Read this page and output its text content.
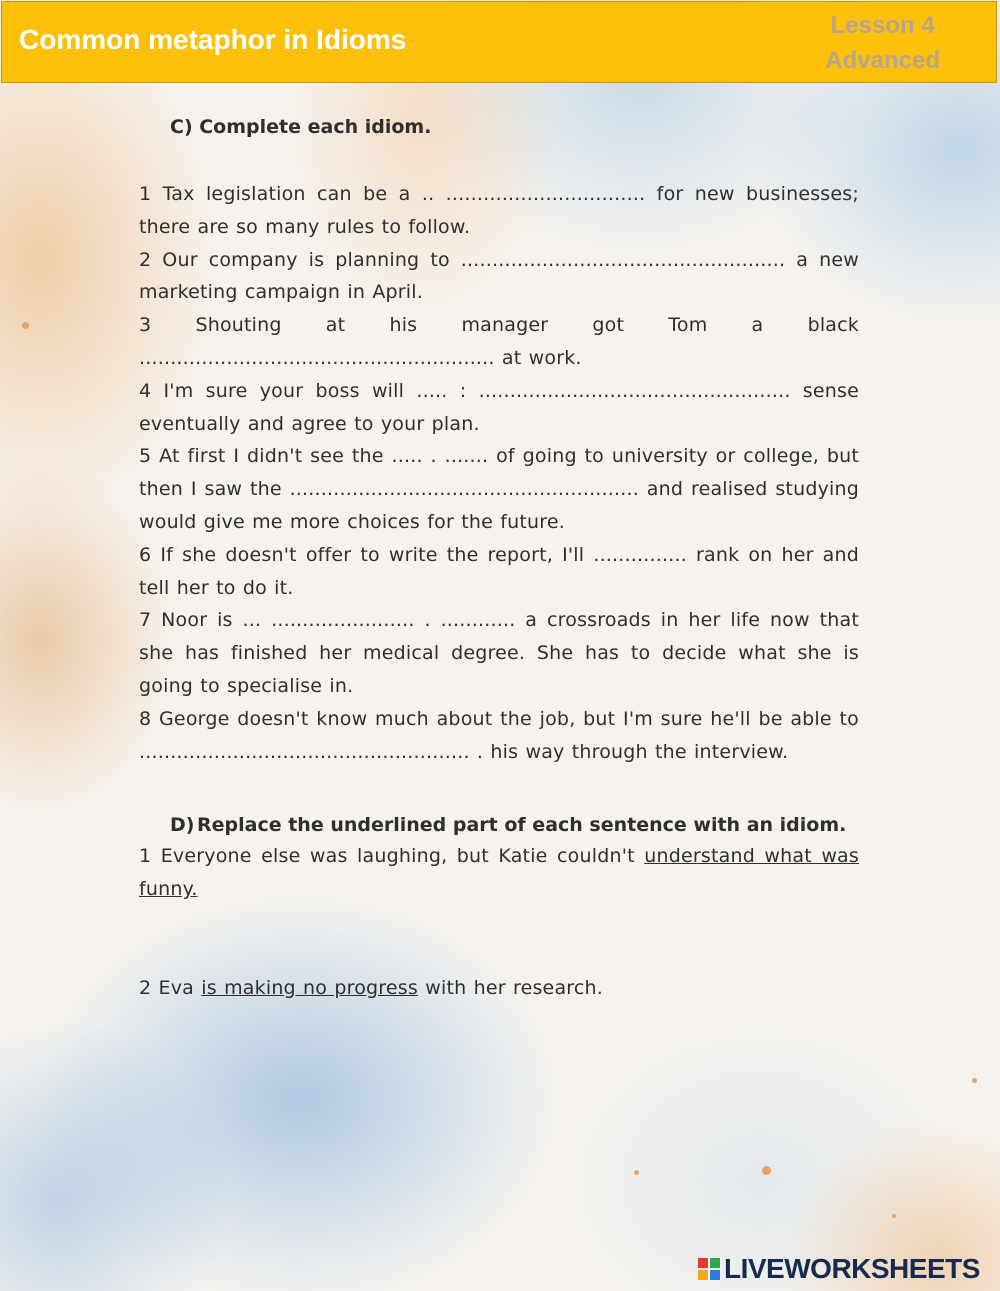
Common metaphor in Idioms	Lesson 4
Advanced
C) Complete each idiom.

1 Tax legislation can be a .. ................................ for new businesses; there are so many rules to follow.

2 Our company is planning to .................................................... a new marketing campaign in April.

3 Shouting at his manager got Tom a black ......................................................... at work.

4 I'm sure your boss will ..... : .................................................. sense eventually and agree to your plan.

5 At first I didn't see the ..... . ....... of going to university or college, but then I saw the ........................................................ and realised studying would give me more choices for the future.

6 If she doesn't offer to write the report, I'll ............... rank on her and tell her to do it.

7 Noor is ... ....................... . ............ a crossroads in her life now that she has finished her medical degree. She has to decide what she is going to specialise in.

8 George doesn't know much about the job, but I'm sure he'll be able to ..................................................... . his way through the interview.

D) Replace the underlined part of each sentence with an idiom.

1 Everyone else was laughing, but Katie couldn't understand what was funny.

2 Eva is making no progress with her research.

LIVEWORKSHEETS
